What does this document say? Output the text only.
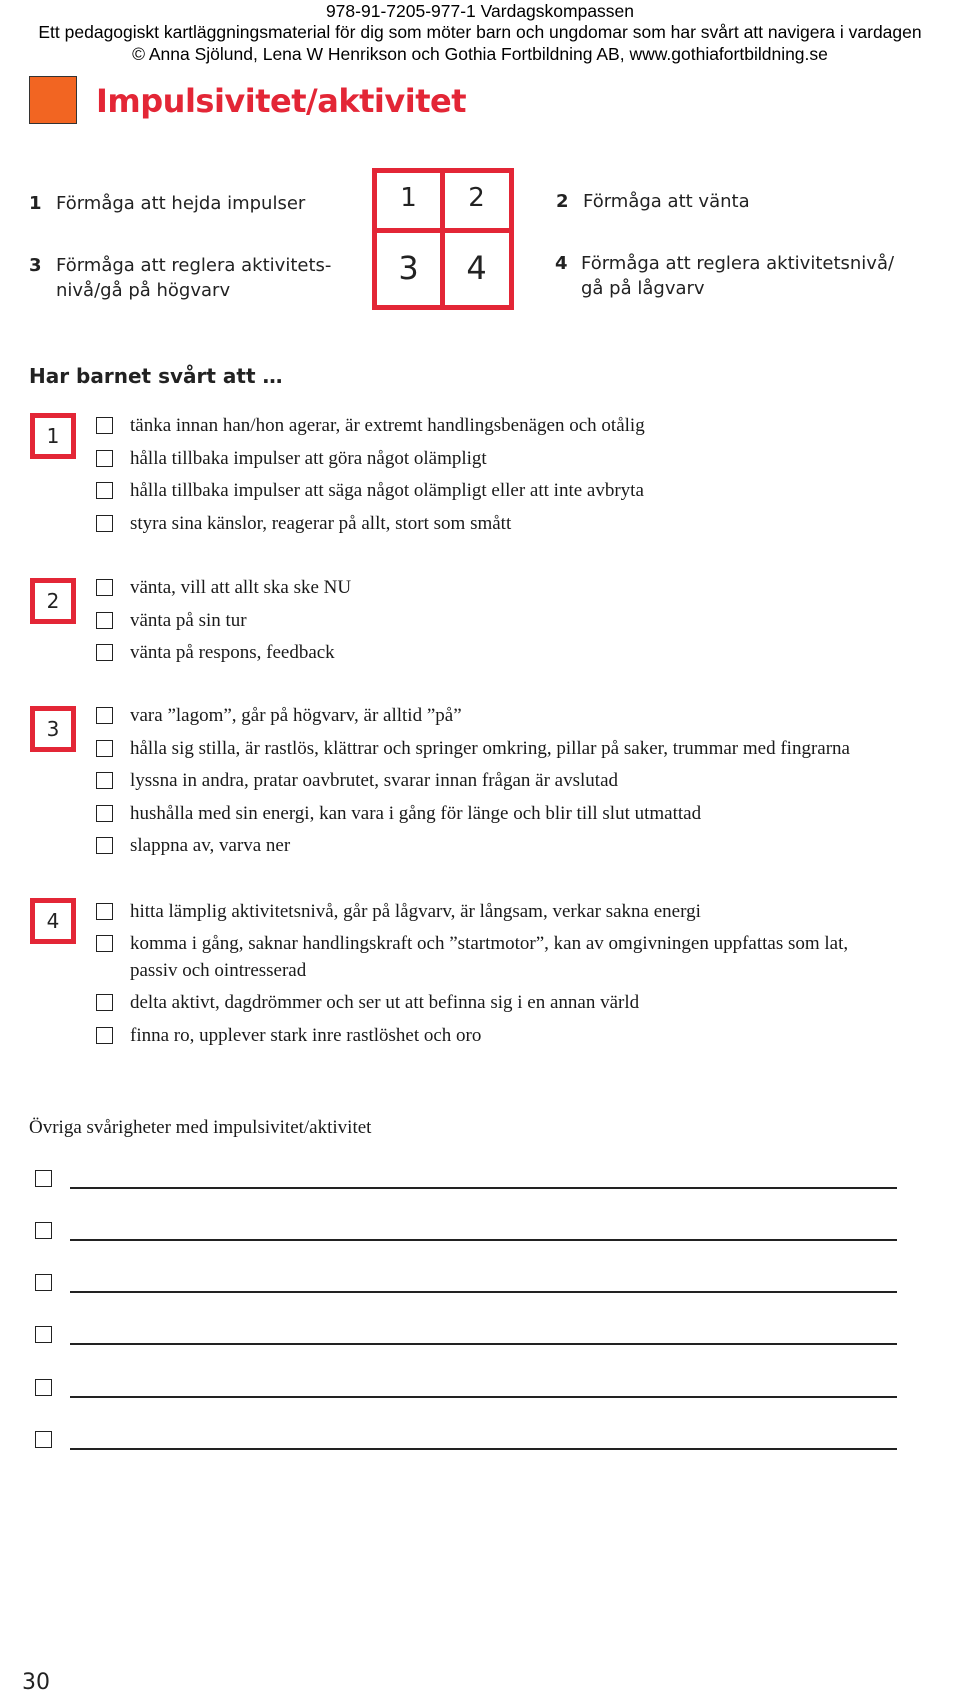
978-91-7205-977-1 Vardagskompassen
Ett pedagogiskt kartläggningsmaterial för dig som möter barn och ungdomar som har svårt att navigera i vardagen
© Anna Sjölund, Lena W Henrikson och Gothia Fortbildning AB, www.gothiafortbildning.se
Impulsivitet/aktivitet
1 Förmåga att hejda impulser	2 Förmåga att vänta
3 Förmåga att reglera aktivitets-
nivå/gå på högvarv
4 Förmåga att reglera aktivitetsnivå/
gå på lågvarv
1	2
3	4
Har barnet svårt att …
1	tänka innan han/hon agerar, är extremt handlingsbenägen och otålig
hålla tillbaka impulser att göra något olämpligt
hålla tillbaka impulser att säga något olämpligt eller att inte avbryta
styra sina känslor, reagerar på allt, stort som smått
2
vänta, vill att allt ska ske NU
vänta på sin tur
vänta på respons, feedback
3
vara ”lagom”, går på högvarv, är alltid ”på”
hålla sig stilla, är rastlös, klättrar och springer omkring, pillar på saker, trummar med fingrarna
lyssna in andra, pratar oavbrutet, svarar innan frågan är avslutad
hushålla med sin energi, kan vara i gång för länge och blir till slut utmattad
slappna av, varva ner
4	hitta lämplig aktivitetsnivå, går på lågvarv, är långsam, verkar sakna energi
komma i gång, saknar handlingskraft och ”startmotor”, kan av omgivningen uppfattas som lat,
passiv och ointresserad
delta aktivt, dagdrömmer och ser ut att befinna sig i en annan värld
finna ro, upplever stark inre rastlöshet och oro
Övriga svårigheter med impulsivitet/aktivitet
30
